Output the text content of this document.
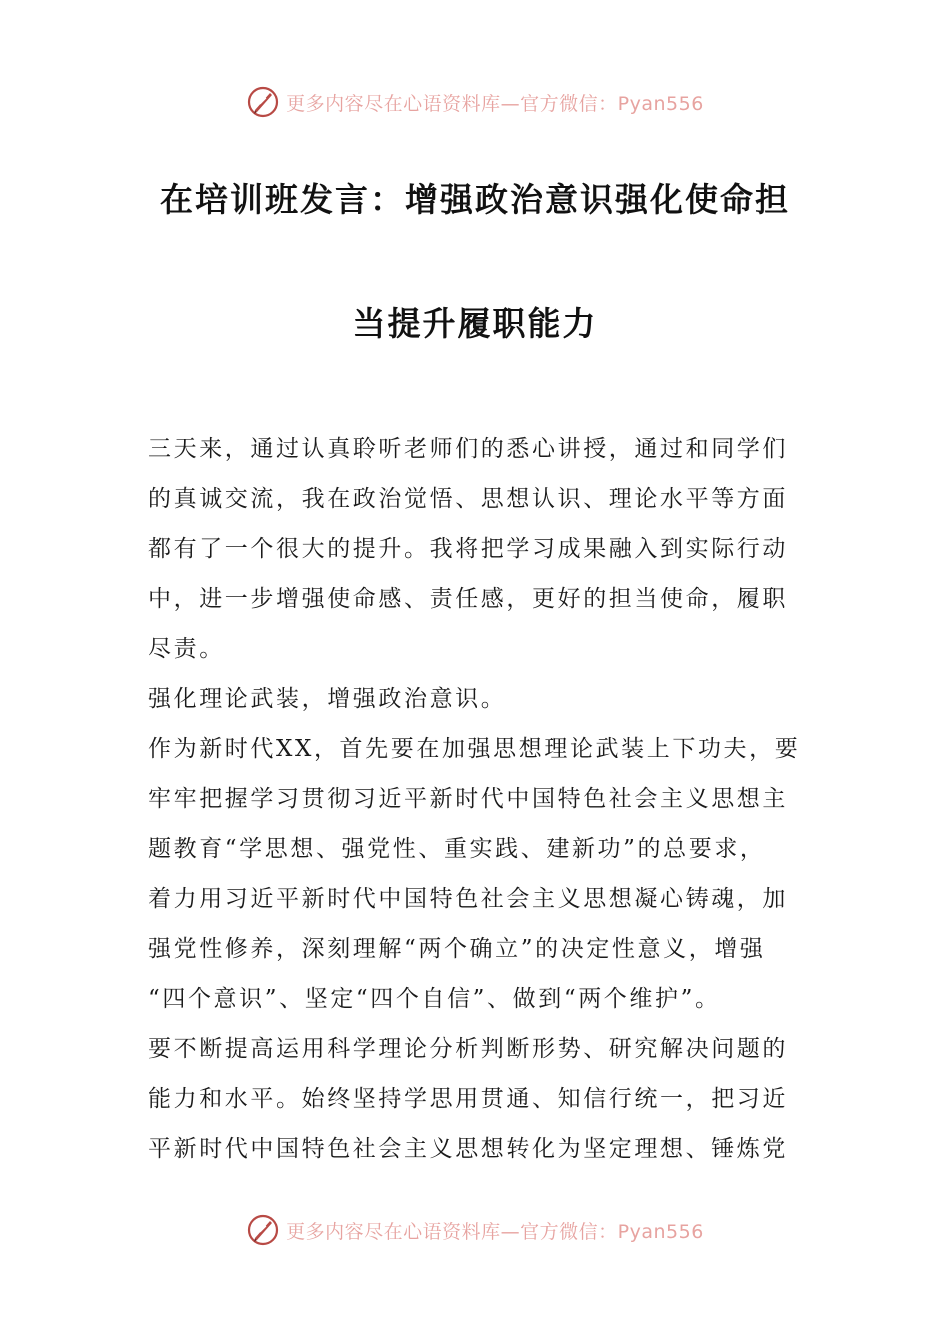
更多内容尽在心语资料库—官方微信：Pyan556
在培训班发言：增强政治意识强化使命担
当提升履职能力
三天来，通过认真聆听老师们的悉心讲授，通过和同学们
的真诚交流，我在政治觉悟、思想认识、理论水平等方面
都有了一个很大的提升。我将把学习成果融入到实际行动
中，进一步增强使命感、责任感，更好的担当使命，履职
尽责。
强化理论武装，增强政治意识。
作为新时代XX，首先要在加强思想理论武装上下功夫，要
牢牢把握学习贯彻习近平新时代中国特色社会主义思想主
题教育“学思想、强党性、重实践、建新功”的总要求，
着力用习近平新时代中国特色社会主义思想凝心铸魂，加
强党性修养，深刻理解“两个确立”的决定性意义，增强
“四个意识”、坚定“四个自信”、做到“两个维护”。
要不断提高运用科学理论分析判断形势、研究解决问题的
能力和水平。始终坚持学思用贯通、知信行统一，把习近
平新时代中国特色社会主义思想转化为坚定理想、锤炼党
更多内容尽在心语资料库—官方微信：Pyan556
